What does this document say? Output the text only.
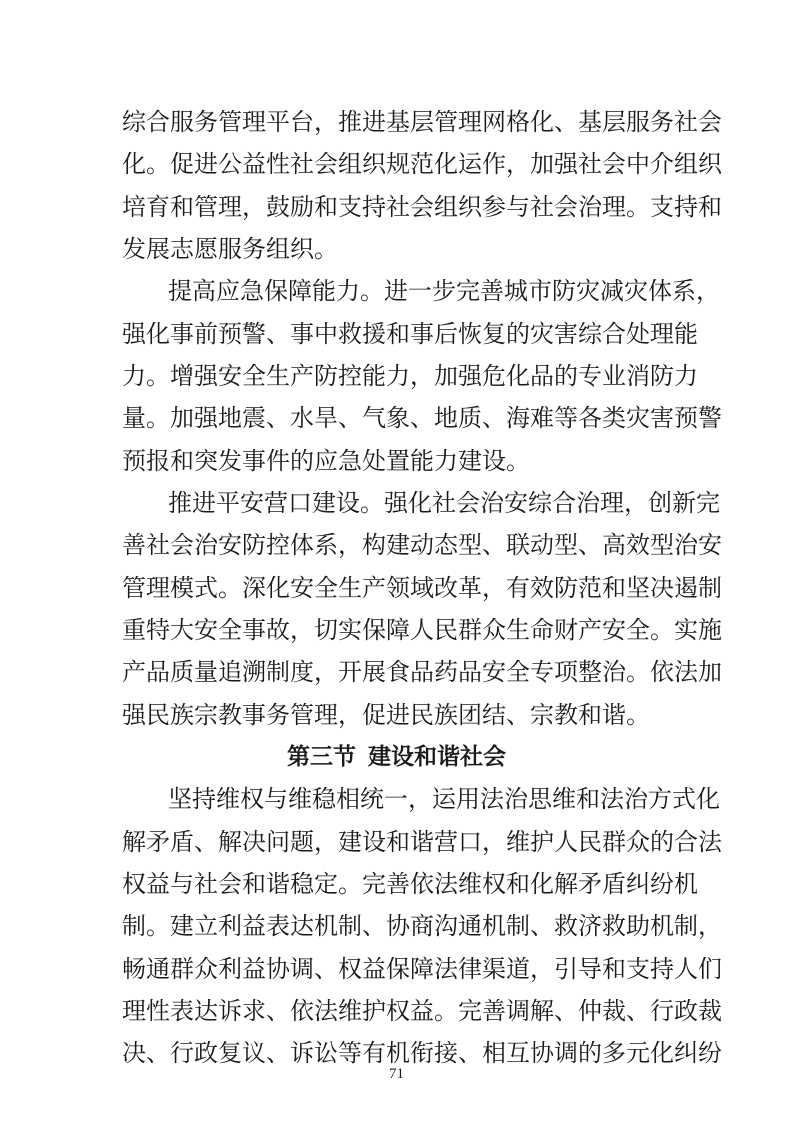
综合服务管理平台，推进基层管理网格化、基层服务社会
化。促进公益性社会组织规范化运作，加强社会中介组织
培育和管理，鼓励和支持社会组织参与社会治理。支持和
发展志愿服务组织。
提高应急保障能力。进一步完善城市防灾减灾体系，
强化事前预警、事中救援和事后恢复的灾害综合处理能
力。增强安全生产防控能力，加强危化品的专业消防力
量。加强地震、水旱、气象、地质、海难等各类灾害预警
预报和突发事件的应急处置能力建设。
推进平安营口建设。强化社会治安综合治理，创新完
善社会治安防控体系，构建动态型、联动型、高效型治安
管理模式。深化安全生产领域改革，有效防范和坚决遏制
重特大安全事故，切实保障人民群众生命财产安全。实施
产品质量追溯制度，开展食品药品安全专项整治。依法加
强民族宗教事务管理，促进民族团结、宗教和谐。
第三节 建设和谐社会
坚持维权与维稳相统一，运用法治思维和法治方式化
解矛盾、解决问题，建设和谐营口，维护人民群众的合法
权益与社会和谐稳定。完善依法维权和化解矛盾纠纷机
制。建立利益表达机制、协商沟通机制、救济救助机制，
畅通群众利益协调、权益保障法律渠道，引导和支持人们
理性表达诉求、依法维护权益。完善调解、仲裁、行政裁
决、行政复议、诉讼等有机衔接、相互协调的多元化纠纷
71
